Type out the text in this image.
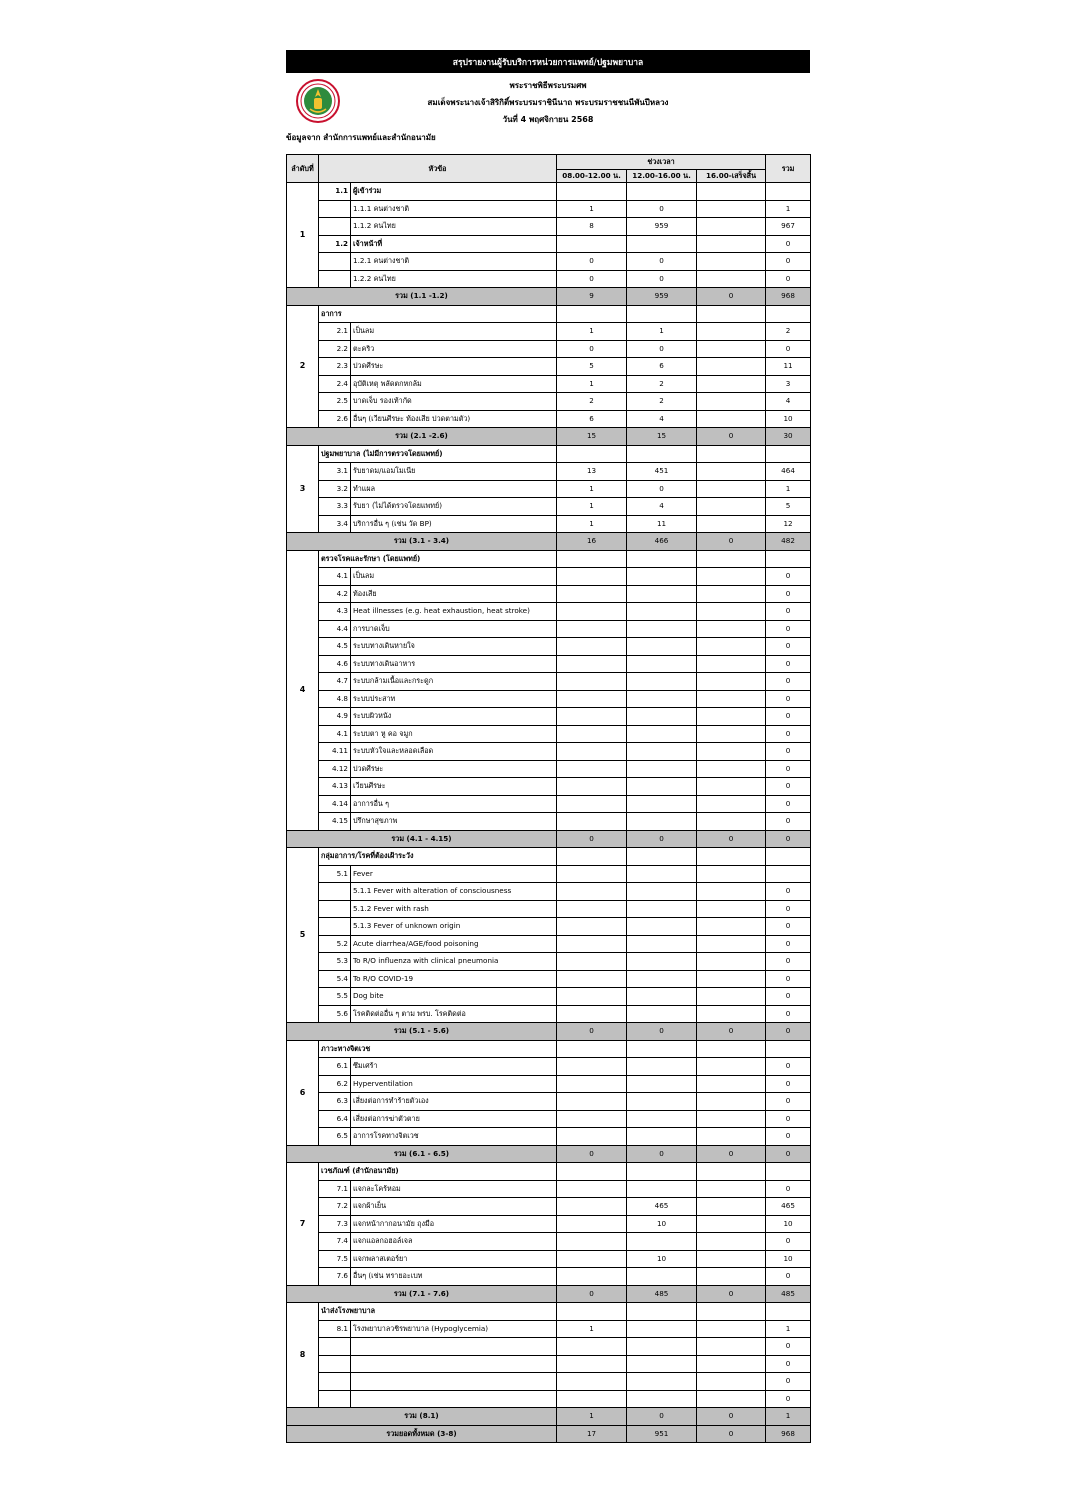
สรุปรายงานผู้รับบริการหน่วยการแพทย์/ปฐมพยาบาล
พระราชพิธีพระบรมศพ
สมเด็จพระนางเจ้าสิริกิติ์พระบรมราชินีนาถ พระบรมราชชนนีพันปีหลวง
วันที่ 4 พฤศจิกายน 2568
ข้อมูลจาก สำนักการแพทย์และสำนักอนามัย
ลำดับที่	หัวข้อ		ช่วงเวลา			รวม
			08.00-12.00 น.	12.00-16.00 น.	16.00-เสร็จสิ้น	
1	1.1	ผู้เข้าร่วม				
		1.1.1 คนต่างชาติ	1	0		1
		1.1.2 คนไทย	8	959		967
	1.2	เจ้าหน้าที่				0
		1.2.1 คนต่างชาติ	0	0		0
		1.2.2 คนไทย	0	0		0
รวม (1.1 -1.2)			9	959	0	968
2	อาการ					
	2.1	เป็นลม	1	1		2
	2.2	ตะคริว	0	0		0
	2.3	ปวดศีรษะ	5	6		11
	2.4	อุบัติเหตุ พลัดตกหกล้ม	1	2		3
	2.5	บาดเจ็บ รองเท้ากัด	2	2		4
	2.6	อื่นๆ (เวียนศีรษะ ท้องเสีย ปวดตามตัว)	6	4		10
รวม (2.1 -2.6)			15	15	0	30
3	ปฐมพยาบาล (ไม่มีการตรวจโดยแพทย์)					
	3.1	รับยาดม/แอมโมเนีย	13	451		464
	3.2	ทำแผล	1	0		1
	3.3	รับยา (ไม่ได้ตรวจโดยแพทย์)	1	4		5
	3.4	บริการอื่น ๆ (เช่น วัด BP)	1	11		12
รวม (3.1 - 3.4)			16	466	0	482
4	ตรวจโรคและรักษา (โดยแพทย์)					
	4.1	เป็นลม				0
	4.2	ท้องเสีย				0
	4.3	Heat illnesses (e.g. heat exhaustion, heat stroke)				0
	4.4	การบาดเจ็บ				0
	4.5	ระบบทางเดินหายใจ				0
	4.6	ระบบทางเดินอาหาร				0
	4.7	ระบบกล้ามเนื้อและกระดูก				0
	4.8	ระบบประสาท				0
	4.9	ระบบผิวหนัง				0
	4.1	ระบบตา หู คอ จมูก				0
	4.11	ระบบหัวใจและหลอดเลือด				0
	4.12	ปวดศีรษะ				0
	4.13	เวียนศีรษะ				0
	4.14	อาการอื่น ๆ				0
	4.15	ปรึกษาสุขภาพ				0
รวม (4.1 - 4.15)			0	0	0	0
5	กลุ่มอาการ/โรคที่ต้องเฝ้าระวัง					
	5.1	Fever				
		5.1.1 Fever with alteration of consciousness				0
		5.1.2 Fever with rash				0
		5.1.3 Fever of unknown origin				0
	5.2	Acute diarrhea/AGE/food poisoning				0
	5.3	To R/O influenza with clinical pneumonia				0
	5.4	To R/O COVID-19				0
	5.5	Dog bite				0
	5.6	โรคติดต่ออื่น ๆ ตาม พรบ. โรคติดต่อ				0
รวม (5.1 - 5.6)			0	0	0	0
6	ภาวะทางจิตเวช					
	6.1	ซึมเศร้า				0
	6.2	Hyperventilation				0
	6.3	เสี่ยงต่อการทำร้ายตัวเอง				0
	6.4	เสี่ยงต่อการฆ่าตัวตาย				0
	6.5	อาการโรคทางจิตเวช				0
รวม (6.1 - 6.5)			0	0	0	0
7	เวชภัณฑ์ (สำนักอนามัย)					
	7.1	แจกละโคร้หอม				0
	7.2	แจกผ้าเย็น		465		465
	7.3	แจกหน้ากากอนามัย ถุงมือ		10		10
	7.4	แจกแอลกอฮอล์เจล				0
	7.5	แจกพลาสเตอร์ยา		10		10
	7.6	อื่นๆ (เช่น ทรายอะเบท				0
รวม (7.1 - 7.6)			0	485	0	485
8	นำส่งโรงพยาบาล					
	8.1	โรงพยาบาลวชิรพยาบาล (Hypoglycemia)	1			1
						0
						0
						0
						0
รวม (8.1)			1	0	0	1
รวมยอดทั้งหมด (3-8)			17	951	0	968
